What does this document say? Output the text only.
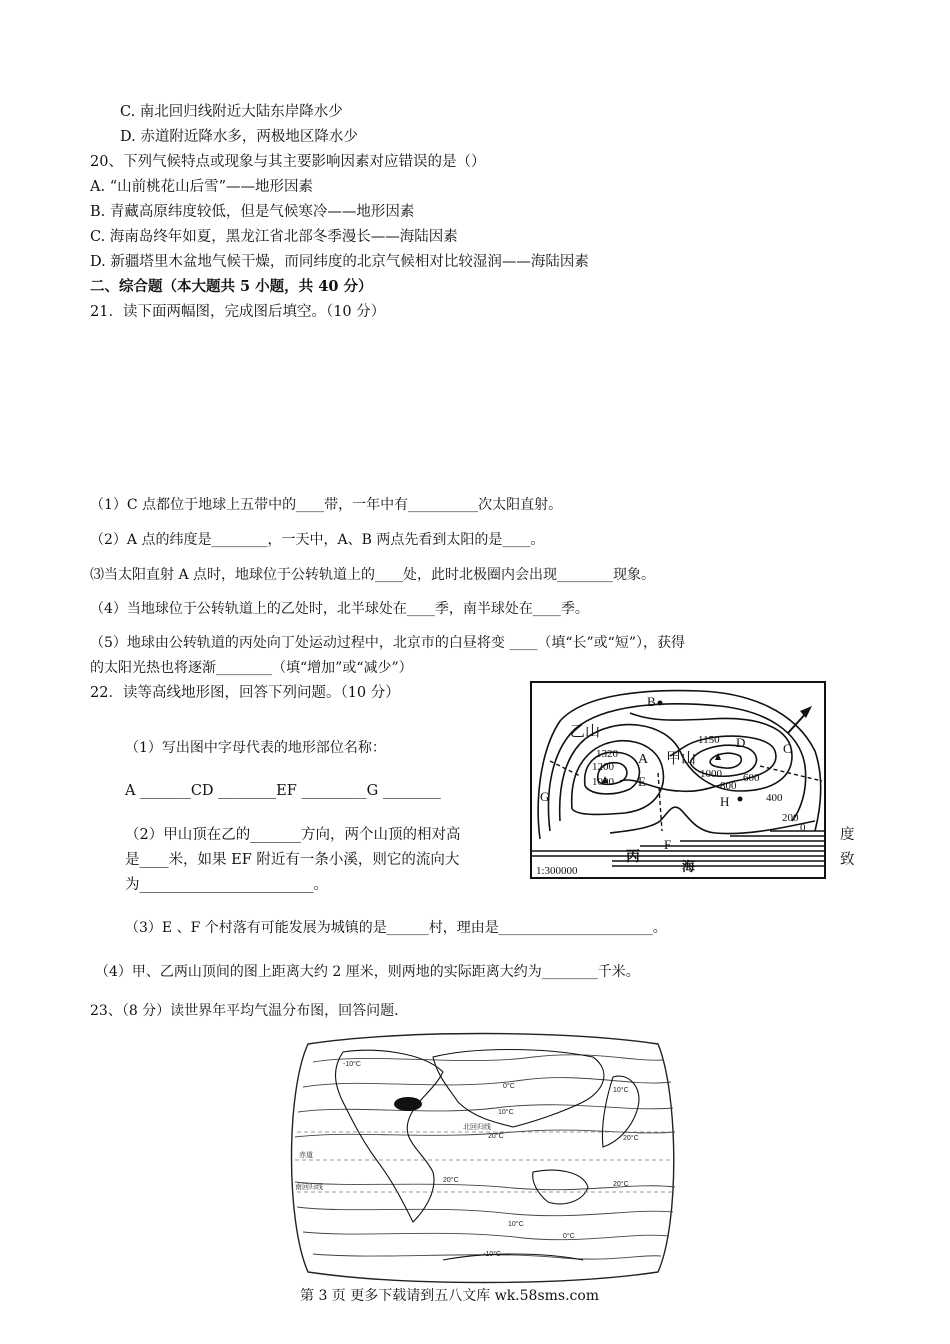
C. 南北回归线附近大陆东岸降水少
D. 赤道附近降水多，两极地区降水少
20、下列气候特点或现象与其主要影响因素对应错误的是（）
A. “山前桃花山后雪”——地形因素
B. 青藏高原纬度较低，但是气候寒冷——地形因素
C. 海南岛终年如夏，黑龙江省北部冬季漫长——海陆因素
D. 新疆塔里木盆地气候干燥，而同纬度的北京气候相对比较湿润——海陆因素
二、综合题（本大题共 5 小题，共 40 分）
21．读下面两幅图，完成图后填空。（10 分）
（1）C 点都位于地球上五带中的____带，一年中有__________次太阳直射。
（2）A 点的纬度是________，一天中，A、B 两点先看到太阳的是____。
⑶当太阳直射 A 点时，地球位于公转轨道上的____处，此时北极圈内会出现________现象。
（4）当地球位于公转轨道上的乙处时，北半球处在____季，南半球处在____季。
（5）地球由公转轨道的丙处向丁处运动过程中，北京市的白昼将变 ____（填“长”或“短”），获得
的太阳光热也将逐渐________（填“增加”或“减少”）
22．读等高线地形图，回答下列问题。（10 分）
（1）写出图中字母代表的地形部位名称：
A _______CD ________EF _________G ________
（2）甲山顶在乙的_______方向，两个山顶的相对高	度
是____米，如果 EF 附近有一条小溪，则它的流向大	致
为________________________。
（3）E 、F 个村落有可能发展为城镇的是______村，理由是______________________。
（4）甲、乙两山顶间的图上距离大约 2 厘米，则两地的实际距离大约为________千米。
B
乙山
1320
1200
1000
A 甲山
1150 D	C
G
E	1000
800
600
H	400
200
0
丙
F
海
1:300000
23、（8 分）读世界年平均气温分布图，回答问题.
-10°C
0°C
10°C
20°C
20°C
20°C
10°C
0°C
-10°C
20°C
10°C
北回归线
赤道
南回归线
第 3 页 更多下载请到五八文库 wk.58sms.com
